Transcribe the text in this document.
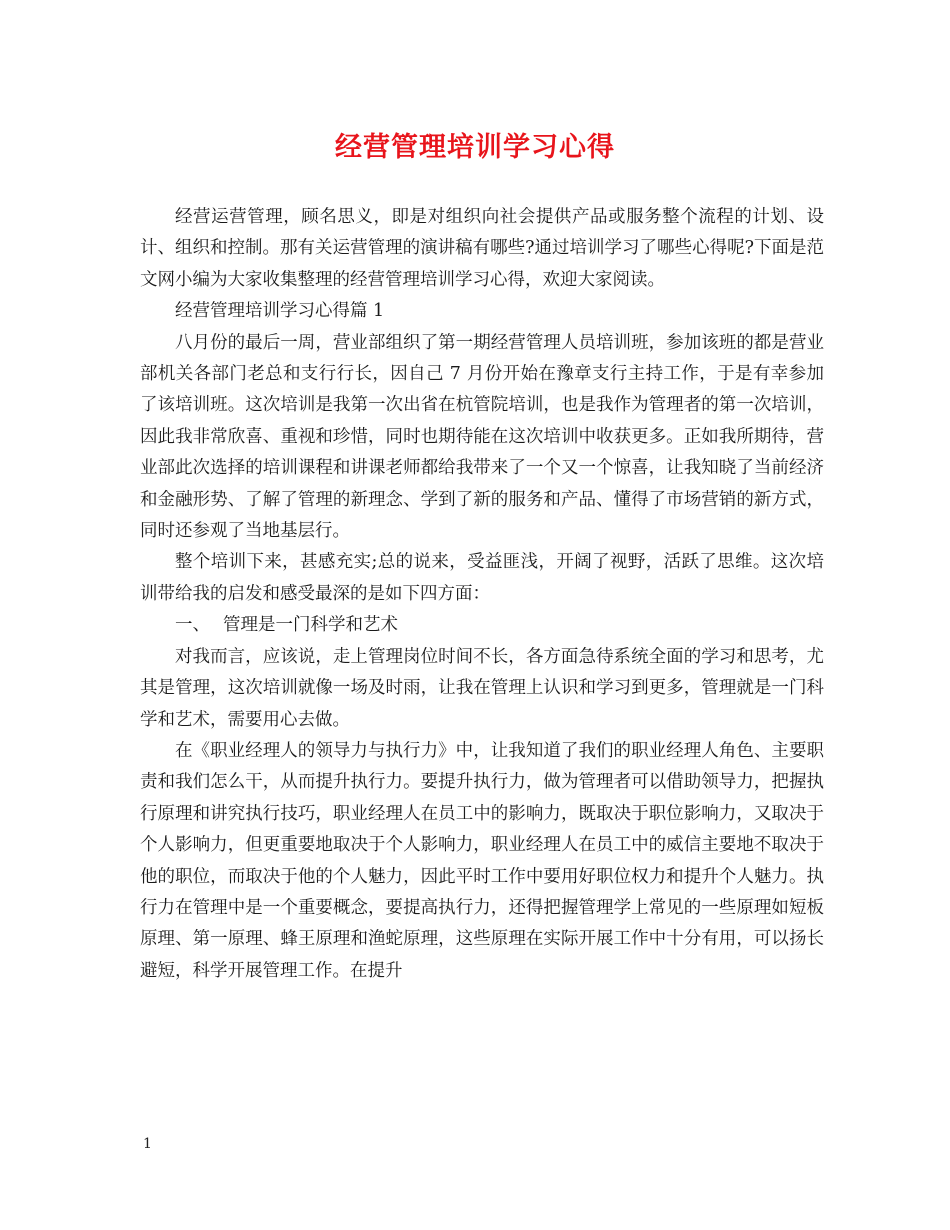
经营管理培训学习心得

经营运营管理，顾名思义，即是对组织向社会提供产品或服务整个流程的计划、设计、组织和控制。那有关运营管理的演讲稿有哪些?通过培训学习了哪些心得呢?下面是范文网小编为大家收集整理的经营管理培训学习心得，欢迎大家阅读。

经营管理培训学习心得篇 1

八月份的最后一周，营业部组织了第一期经营管理人员培训班，参加该班的都是营业部机关各部门老总和支行行长，因自己 7 月份开始在豫章支行主持工作，于是有幸参加了该培训班。这次培训是我第一次出省在杭管院培训，也是我作为管理者的第一次培训，因此我非常欣喜、重视和珍惜，同时也期待能在这次培训中收获更多。正如我所期待，营业部此次选择的培训课程和讲课老师都给我带来了一个又一个惊喜，让我知晓了当前经济和金融形势、了解了管理的新理念、学到了新的服务和产品、懂得了市场营销的新方式，同时还参观了当地基层行。

整个培训下来，甚感充实;总的说来，受益匪浅，开阔了视野，活跃了思维。这次培训带给我的启发和感受最深的是如下四方面：

一、 管理是一门科学和艺术

对我而言，应该说，走上管理岗位时间不长，各方面急待系统全面的学习和思考，尤其是管理，这次培训就像一场及时雨，让我在管理上认识和学习到更多，管理就是一门科学和艺术，需要用心去做。

在《职业经理人的领导力与执行力》中，让我知道了我们的职业经理人角色、主要职责和我们怎么干，从而提升执行力。要提升执行力，做为管理者可以借助领导力，把握执行原理和讲究执行技巧，职业经理人在员工中的影响力，既取决于职位影响力，又取决于个人影响力，但更重要地取决于个人影响力，职业经理人在员工中的威信主要地不取决于他的职位，而取决于他的个人魅力，因此平时工作中要用好职位权力和提升个人魅力。执行力在管理中是一个重要概念，要提高执行力，还得把握管理学上常见的一些原理如短板原理、第一原理、蜂王原理和渔蛇原理，这些原理在实际开展工作中十分有用，可以扬长避短，科学开展管理工作。在提升

1
